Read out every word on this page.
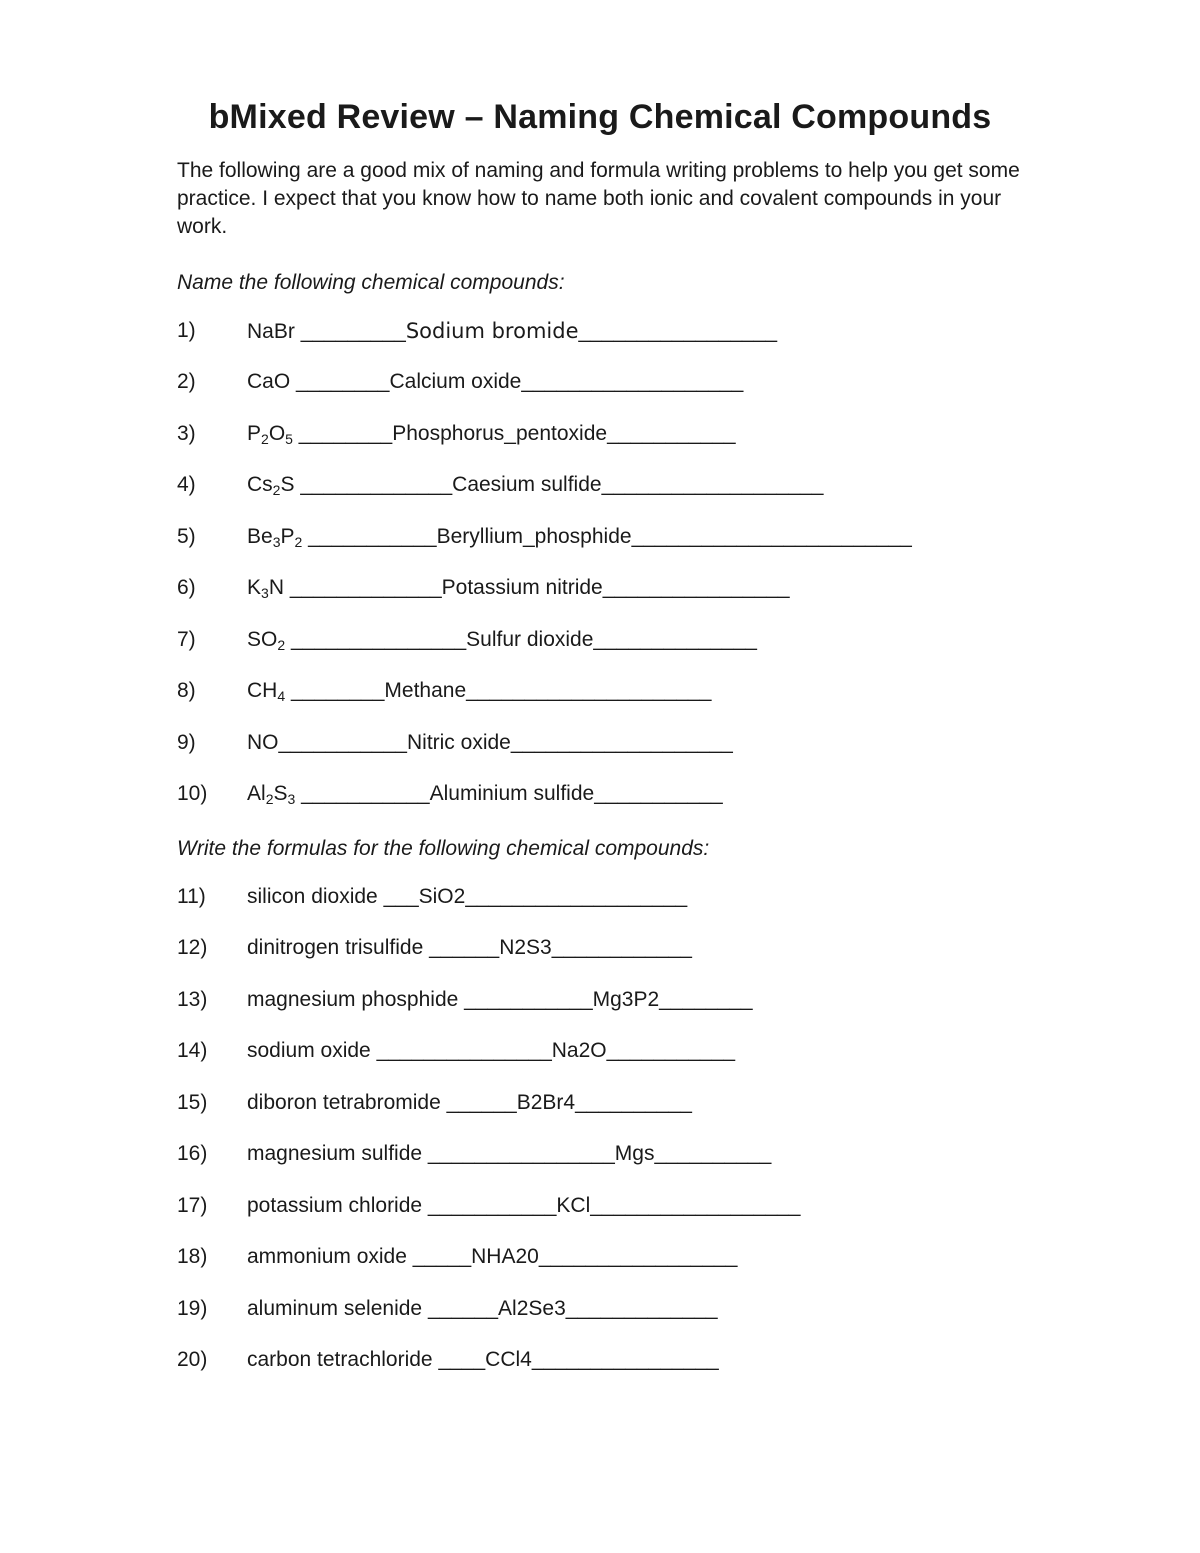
bMixed Review – Naming Chemical Compounds
The following are a good mix of naming and formula writing problems to help you get some practice. I expect that you know how to name both ionic and covalent compounds in your work.
Name the following chemical compounds:
1)	NaBr _________Sodium bromide_________________
2)	CaO ________Calcium oxide___________________
3)	$P_2O_5$ ________Phosphorus_pentoxide___________
4)	$Cs_2S$ _____________Caesium sulfide___________________
5)	$Be_3P_2$ ___________Beryllium_phosphide________________________
6)	$K_3N$ _____________Potassium nitride________________
7)	$SO_2$ _______________Sulfur dioxide______________
8)	$CH_4$ ________Methane_____________________
9)	NO___________Nitric oxide___________________
10)	$Al_2S_3$ ___________Aluminium sulfide___________
Write the formulas for the following chemical compounds:
11)	silicon dioxide ___SiO2___________________
12)	dinitrogen trisulfide ______N2S3____________
13)	magnesium phosphide ___________Mg3P2________
14)	sodium oxide _______________Na2O___________
15)	diboron tetrabromide ______B2Br4__________
16)	magnesium sulfide ________________Mgs__________
17)	potassium chloride ___________KCl__________________
18)	ammonium oxide _____NHA20_________________
19)	aluminum selenide ______Al2Se3_____________
20)	carbon tetrachloride ____CCl4________________
